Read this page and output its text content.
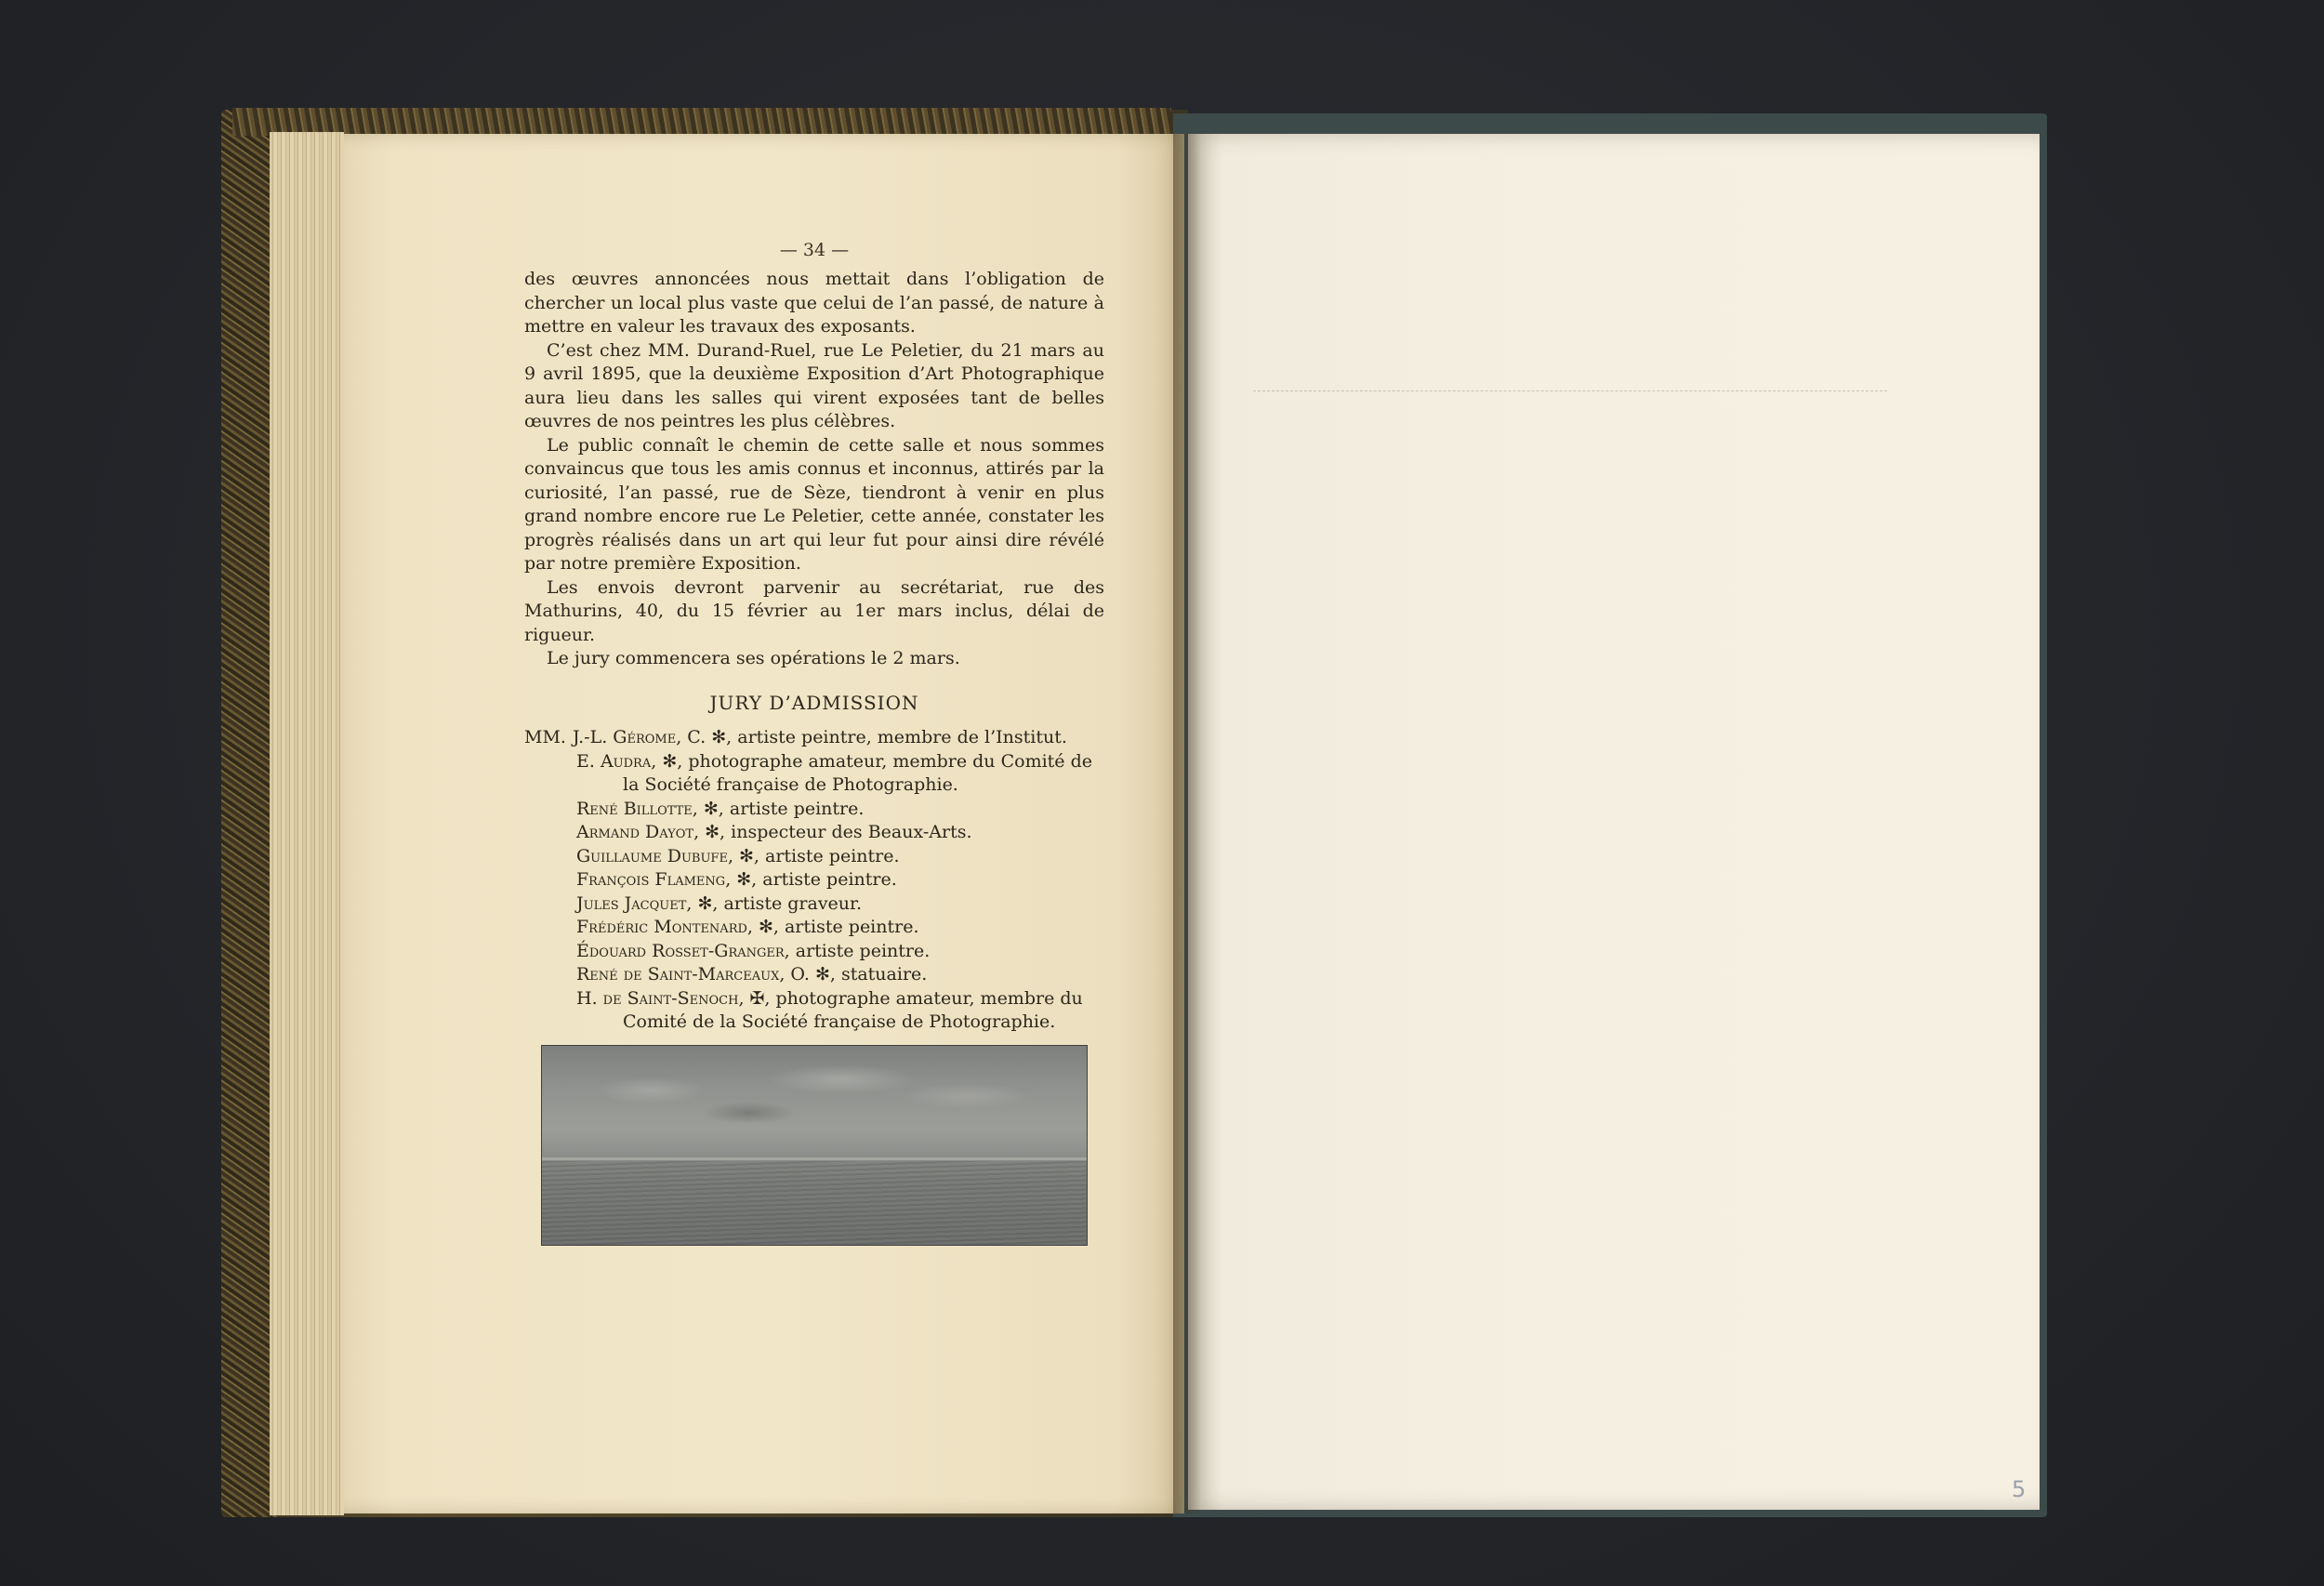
— 34 —

des œuvres annoncées nous mettait dans l’obligation de chercher un local plus vaste que celui de l’an passé, de nature à mettre en valeur les travaux des exposants.

C’est chez MM. Durand-Ruel, rue Le Peletier, du 21 mars au 9 avril 1895, que la deuxième Exposition d’Art Photographique aura lieu dans les salles qui virent exposées tant de belles œuvres de nos peintres les plus célèbres.

Le public connaît le chemin de cette salle et nous sommes convaincus que tous les amis connus et inconnus, attirés par la curiosité, l’an passé, rue de Sèze, tiendront à venir en plus grand nombre encore rue Le Peletier, cette année, constater les progrès réalisés dans un art qui leur fut pour ainsi dire révélé par notre première Exposition.

Les envois devront parvenir au secrétariat, rue des Mathurins, 40, du 15 février au 1er mars inclus, délai de rigueur.

Le jury commencera ses opérations le 2 mars.

JURY D’ADMISSION

MM. J.-L. Gérome, C. ✻, artiste peintre, membre de l’Institut.

E. Audra, ✻, photographe amateur, membre du Comité de
la Société française de Photographie.

René Billotte, ✻, artiste peintre.

Armand Dayot, ✻, inspecteur des Beaux-Arts.

Guillaume Dubufe, ✻, artiste peintre.

François Flameng, ✻, artiste peintre.

Jules Jacquet, ✻, artiste graveur.

Frédéric Montenard, ✻, artiste peintre.

Édouard Rosset-Granger, artiste peintre.

René de Saint-Marceaux, O. ✻, statuaire.

H. de Saint-Senoch, ✠, photographe amateur, membre du
Comité de la Société française de Photographie.

5
